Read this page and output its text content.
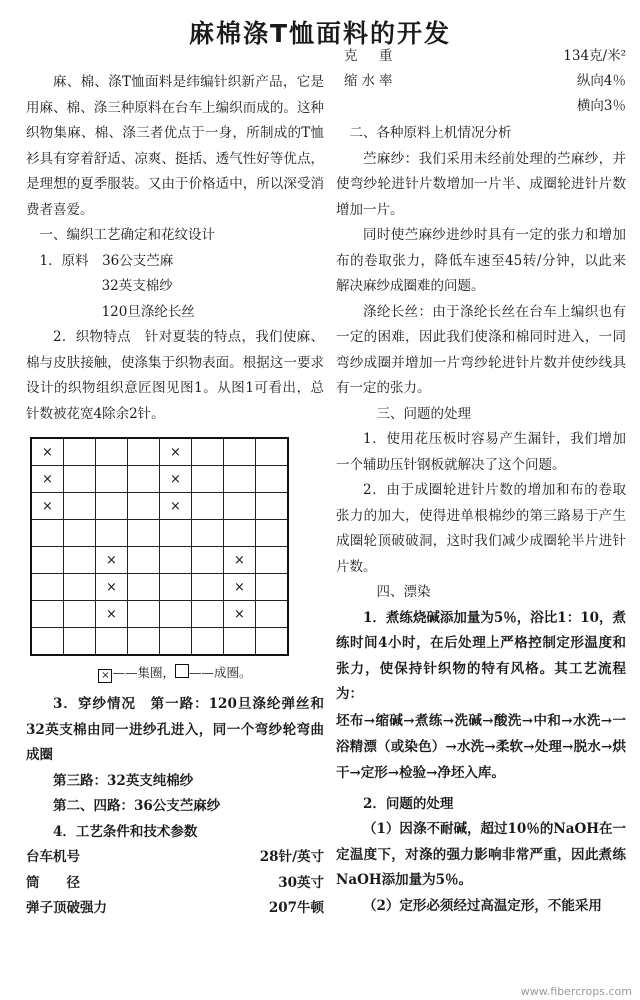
麻棉涤T恤面料的开发

麻、棉、涤T恤面料是纬编针织新产品，它是用麻、棉、涤三种原料在台车上编织而成的。这种织物集麻、棉、涤三者优点于一身，所制成的T恤衫具有穿着舒适、凉爽、挺括、透气性好等优点，是理想的夏季服装。又由于价格适中，所以深受消费者喜爱。

一、编织工艺确定和花纹设计

1．原料　36公支苎麻

32英支棉纱

120旦涤纶长丝

2．织物特点　针对夏装的特点，我们使麻、棉与皮肤接触，使涤集于织物表面。根据这一要求设计的织物组织意匠图见图1。从图1可看出，总针数被花宽4除余2针。

×				×			
×				×			
×				×			

		×				×	
		×				×	
		×				×	

× ——集圈， ——成圈。

3．穿纱情况　第一路：120旦涤纶弹丝和32英支棉由同一进纱孔进入，同一个弯纱轮弯曲成圈

第三路：32英支纯棉纱

第二、四路：36公支苎麻纱

4．工艺条件和技术参数

台车机号	28针/英寸
筒　　径	30英寸
弹子顶破强力	207牛顿
克　重	134克/米²
缩水率	纵向4％
横向3％

二、各种原料上机情况分析

苎麻纱：我们采用未经前处理的苎麻纱，并使弯纱轮进针片数增加一片半、成圈轮进针片数增加一片。

同时使苎麻纱进纱时具有一定的张力和增加布的卷取张力，降低车速至45转/分钟，以此来解决麻纱成圈难的问题。

涤纶长丝：由于涤纶长丝在台车上编织也有一定的困难，因此我们使涤和棉同时进入，一同弯纱成圈并增加一片弯纱轮进针片数并使纱线具有一定的张力。

三、问题的处理

1．使用花压板时容易产生漏针，我们增加一个辅助压针钢板就解决了这个问题。

2．由于成圈轮进针片数的增加和布的卷取张力的加大，使得进单根棉纱的第三路易于产生成圈轮顶破破洞，这时我们减少成圈轮半片进针片数。

四、漂染

1．煮练烧碱添加量为5％，浴比1：10，煮练时间4小时，在后处理上严格控制定形温度和张力，使保持针织物的特有风格。其工艺流程为：

坯布→缩碱→煮练→洗碱→酸洗→中和→水洗→一浴精漂（或染色）→水洗→柔软→处理→脱水→烘干→定形→检验→净坯入库。

2．问题的处理

（1）因涤不耐碱，超过10％的NaOH在一定温度下，对涤的强力影响非常严重，因此煮练NaOH添加量为5％。

（2）定形必须经过高温定形，不能采用

www.fibercrops.com
